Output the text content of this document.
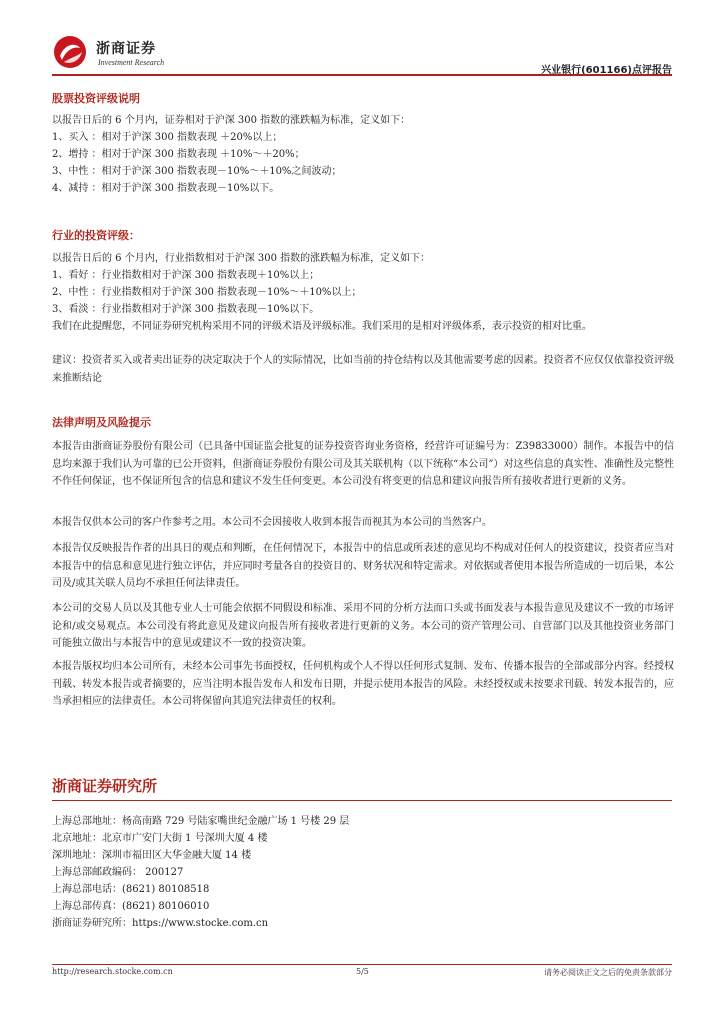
浙商证券
Investment Research
兴业银行(601166)点评报告
股票投资评级说明
以报告日后的 6 个月内，证券相对于沪深 300 指数的涨跌幅为标准，定义如下：
1、买入 ：相对于沪深 300 指数表现 ＋20%以上；
2、增持 ：相对于沪深 300 指数表现 ＋10%～＋20%；
3、中性 ：相对于沪深 300 指数表现－10%～＋10%之间波动；
4、减持 ：相对于沪深 300 指数表现－10%以下。
行业的投资评级：
以报告日后的 6 个月内，行业指数相对于沪深 300 指数的涨跌幅为标准，定义如下：
1、看好 ：行业指数相对于沪深 300 指数表现＋10%以上；
2、中性 ：行业指数相对于沪深 300 指数表现－10%～＋10%以上；
3、看淡 ：行业指数相对于沪深 300 指数表现－10%以下。
我们在此提醒您，不同证券研究机构采用不同的评级术语及评级标准。我们采用的是相对评级体系，表示投资的相对比重。
建议：投资者买入或者卖出证券的决定取决于个人的实际情况，比如当前的持仓结构以及其他需要考虑的因素。投资者不应仅仅依靠投资评级来推断结论
法律声明及风险提示
本报告由浙商证券股份有限公司（已具备中国证监会批复的证券投资咨询业务资格，经营许可证编号为：Z39833000）制作。本报告中的信息均来源于我们认为可靠的已公开资料，但浙商证券股份有限公司及其关联机构（以下统称“本公司”）对这些信息的真实性、准确性及完整性不作任何保证，也不保证所包含的信息和建议不发生任何变更。本公司没有将变更的信息和建议向报告所有接收者进行更新的义务。
本报告仅供本公司的客户作参考之用。本公司不会因接收人收到本报告而视其为本公司的当然客户。
本报告仅反映报告作者的出具日的观点和判断，在任何情况下，本报告中的信息或所表述的意见均不构成对任何人的投资建议，投资者应当对本报告中的信息和意见进行独立评估，并应同时考量各自的投资目的、财务状况和特定需求。对依据或者使用本报告所造成的一切后果，本公司及/或其关联人员均不承担任何法律责任。
本公司的交易人员以及其他专业人士可能会依据不同假设和标准、采用不同的分析方法而口头或书面发表与本报告意见及建议不一致的市场评论和/或交易观点。本公司没有将此意见及建议向报告所有接收者进行更新的义务。本公司的资产管理公司、自营部门以及其他投资业务部门可能独立做出与本报告中的意见或建议不一致的投资决策。
本报告版权均归本公司所有，未经本公司事先书面授权，任何机构或个人不得以任何形式复制、发布、传播本报告的全部或部分内容。经授权刊载、转发本报告或者摘要的，应当注明本报告发布人和发布日期，并提示使用本报告的风险。未经授权或未按要求刊载、转发本报告的，应当承担相应的法律责任。本公司将保留向其追究法律责任的权利。
浙商证券研究所
上海总部地址：杨高南路 729 号陆家嘴世纪金融广场 1 号楼 29 层
北京地址：北京市广安门大街 1 号深圳大厦 4 楼
深圳地址：深圳市福田区大华金融大厦 14 楼
上海总部邮政编码： 200127
上海总部电话：(8621) 80108518
上海总部传真：(8621) 80106010
浙商证券研究所：https://www.stocke.com.cn
http://research.stocke.com.cn	5/5	请务必阅读正文之后的免责条款部分
